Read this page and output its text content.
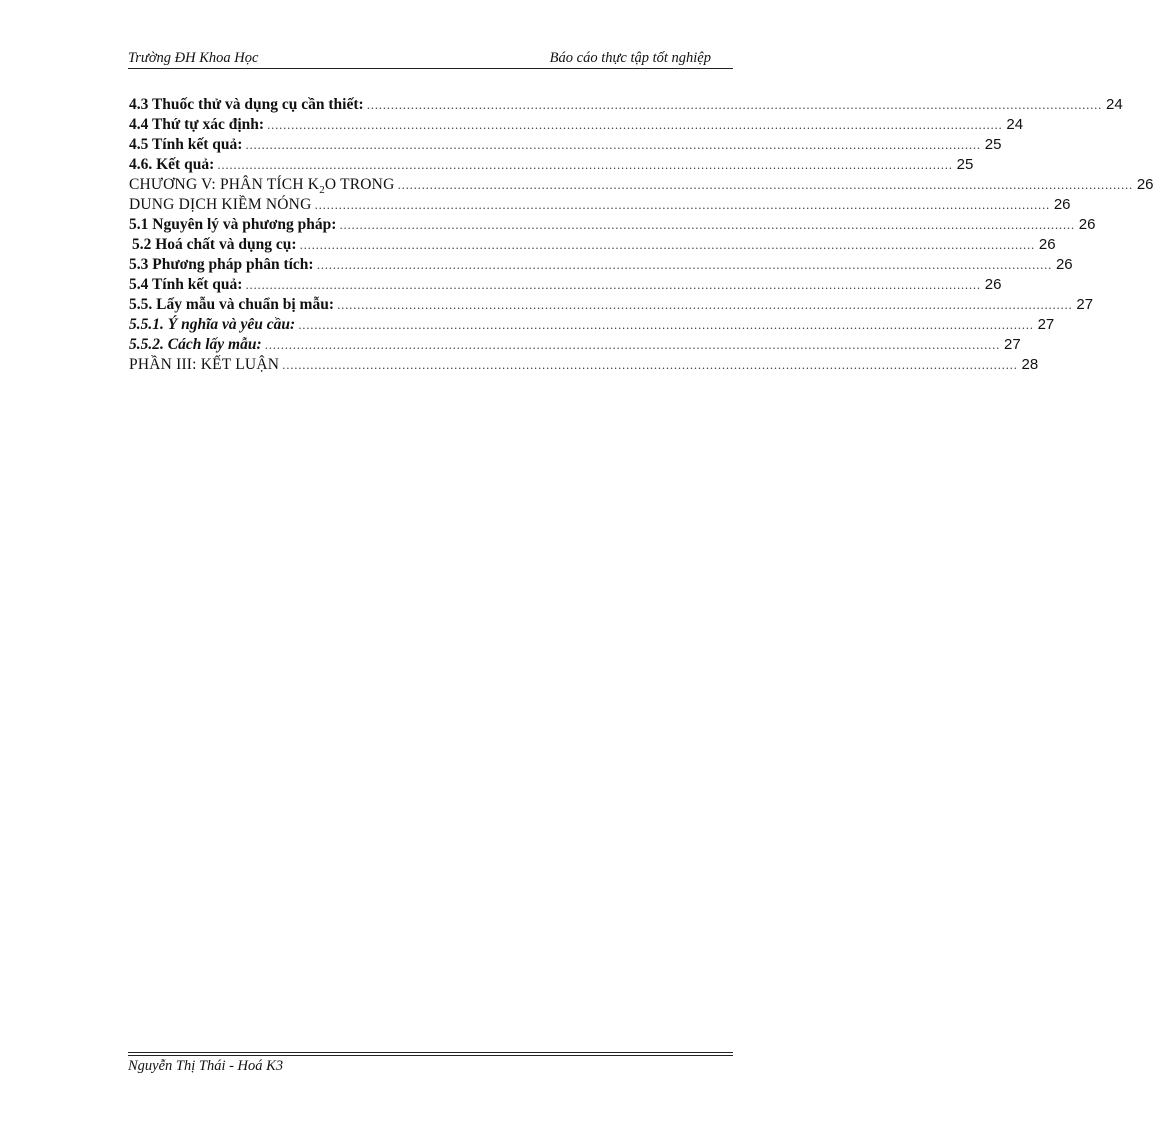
Trường ĐH Khoa Học	Báo cáo thực tập tốt nghiệp
4.3 Thuốc thử và dụng cụ cần thiết: ........................................................................................................................................................................................ 24
4.4 Thứ tự xác định: ........................................................................................................................................................................................ 24
4.5 Tính kết quả: ........................................................................................................................................................................................ 25
4.6. Kết quả: ........................................................................................................................................................................................ 25
CHƯƠNG V: PHÂN TÍCH $K_2O$ TRONG ........................................................................................................................................................................................ 26
DUNG DỊCH KIỀM NÓNG ........................................................................................................................................................................................ 26
5.1 Nguyên lý và phương pháp: ........................................................................................................................................................................................ 26
5.2 Hoá chất và dụng cụ: ........................................................................................................................................................................................ 26
5.3 Phương pháp phân tích: ........................................................................................................................................................................................ 26
5.4 Tính kết quả: ........................................................................................................................................................................................ 26
5.5. Lấy mẫu và chuẩn bị mẫu: ........................................................................................................................................................................................ 27
5.5.1. Ý nghĩa và yêu cầu: ........................................................................................................................................................................................ 27
5.5.2. Cách lấy mẫu: ........................................................................................................................................................................................ 27
PHẦN III: KẾT LUẬN ........................................................................................................................................................................................ 28
Nguyễn Thị Thái - Hoá K3
